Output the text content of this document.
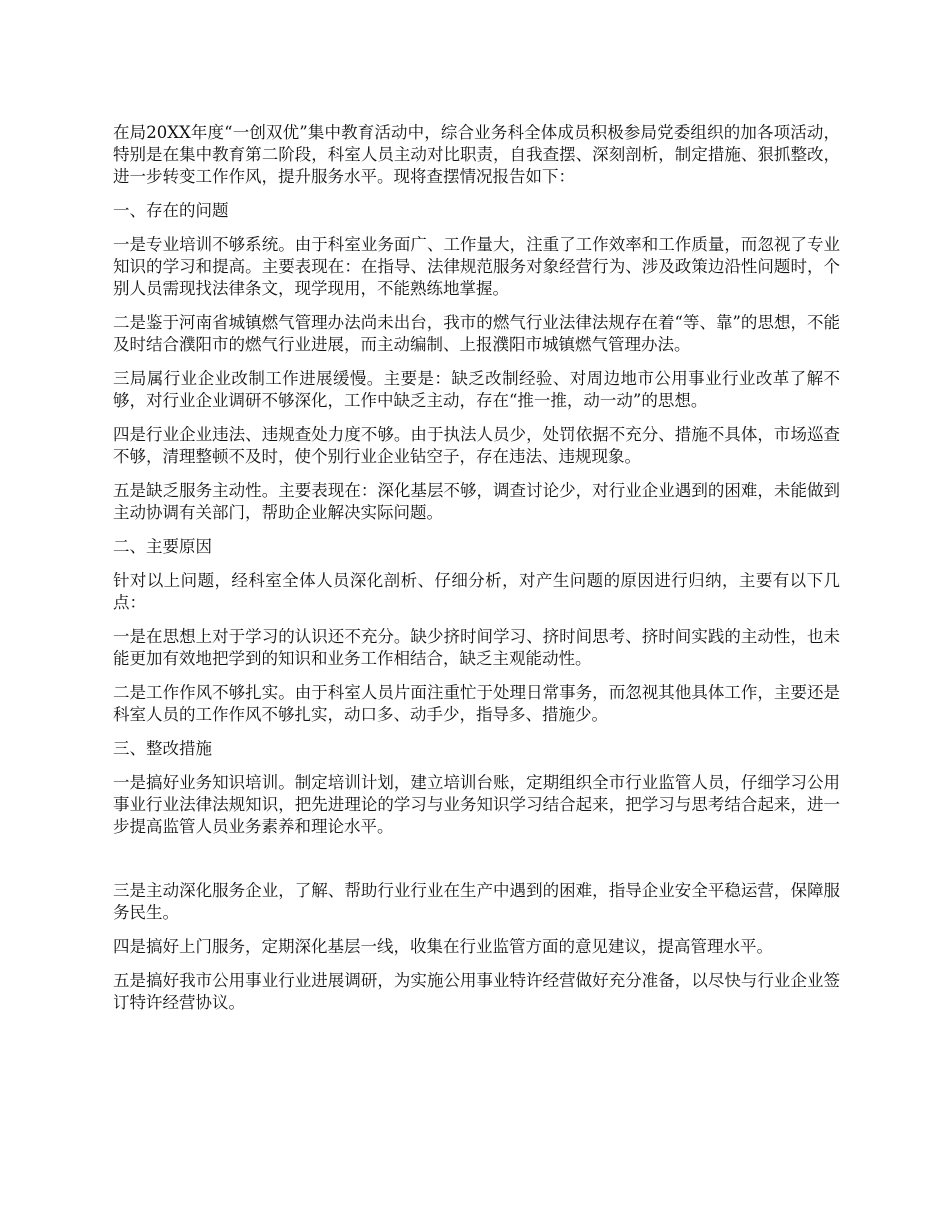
在局20XX年度“一创双优”集中教育活动中，综合业务科全体成员积极参局党委组织的加各项活动，特别是在集中教育第二阶段，科室人员主动对比职责，自我查摆、深刻剖析，制定措施、狠抓整改，进一步转变工作作风，提升服务水平。现将查摆情况报告如下：

一、存在的问题

一是专业培训不够系统。由于科室业务面广、工作量大，注重了工作效率和工作质量，而忽视了专业知识的学习和提高。主要表现在：在指导、法律规范服务对象经营行为、涉及政策边沿性问题时，个别人员需现找法律条文，现学现用，不能熟练地掌握。

二是鉴于河南省城镇燃气管理办法尚未出台，我市的燃气行业法律法规存在着“等、靠”的思想，不能及时结合濮阳市的燃气行业进展，而主动编制、上报濮阳市城镇燃气管理办法。

三局属行业企业改制工作进展缓慢。主要是：缺乏改制经验、对周边地市公用事业行业改革了解不够，对行业企业调研不够深化，工作中缺乏主动，存在“推一推，动一动”的思想。

四是行业企业违法、违规查处力度不够。由于执法人员少，处罚依据不充分、措施不具体，市场巡查不够，清理整顿不及时，使个别行业企业钻空子，存在违法、违规现象。

五是缺乏服务主动性。主要表现在：深化基层不够，调查讨论少，对行业企业遇到的困难，未能做到主动协调有关部门，帮助企业解决实际问题。

二、主要原因

针对以上问题，经科室全体人员深化剖析、仔细分析，对产生问题的原因进行归纳，主要有以下几点：

一是在思想上对于学习的认识还不充分。缺少挤时间学习、挤时间思考、挤时间实践的主动性，也未能更加有效地把学到的知识和业务工作相结合，缺乏主观能动性。

二是工作作风不够扎实。由于科室人员片面注重忙于处理日常事务，而忽视其他具体工作，主要还是科室人员的工作作风不够扎实，动口多、动手少，指导多、措施少。

三、整改措施

一是搞好业务知识培训。制定培训计划，建立培训台账，定期组织全市行业监管人员，仔细学习公用事业行业法律法规知识，把先进理论的学习与业务知识学习结合起来，把学习与思考结合起来，进一步提高监管人员业务素养和理论水平。

三是主动深化服务企业，了解、帮助行业行业在生产中遇到的困难，指导企业安全平稳运营，保障服务民生。

四是搞好上门服务，定期深化基层一线，收集在行业监管方面的意见建议，提高管理水平。

五是搞好我市公用事业行业进展调研，为实施公用事业特许经营做好充分准备，以尽快与行业企业签订特许经营协议。
